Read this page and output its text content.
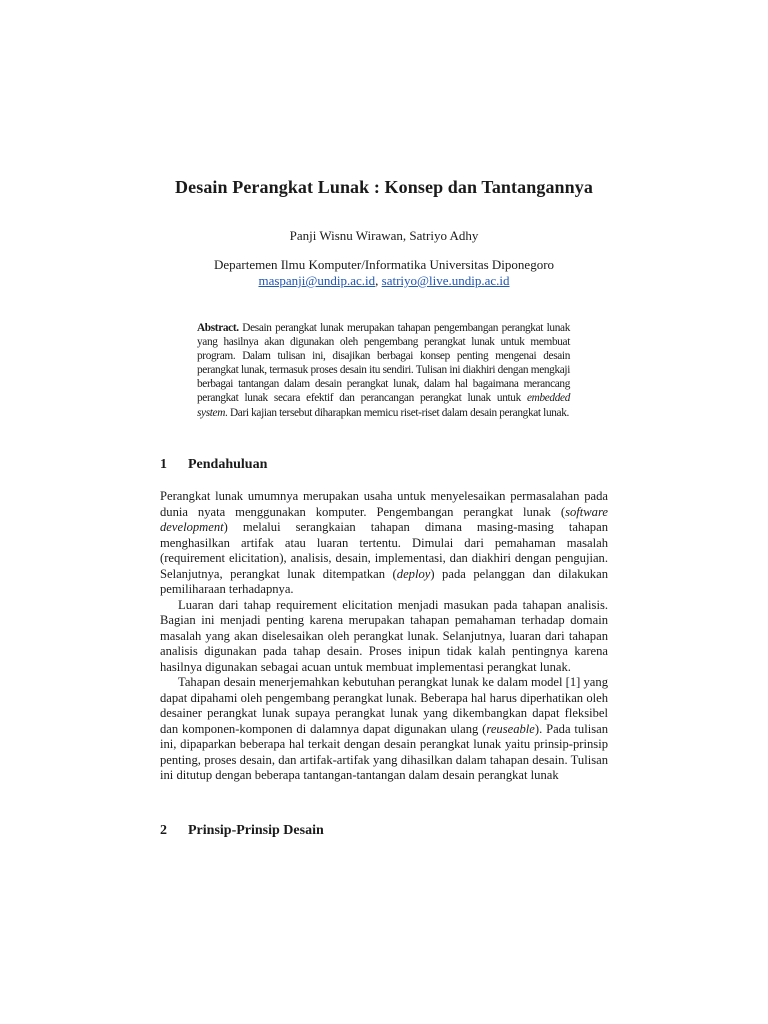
Desain Perangkat Lunak : Konsep dan Tantangannya
Panji Wisnu Wirawan, Satriyo Adhy
Departemen Ilmu Komputer/Informatika Universitas Diponegoro
maspanji@undip.ac.id, satriyo@live.undip.ac.id

Abstract. Desain perangkat lunak merupakan tahapan pengembangan perangkat lunak yang hasilnya akan digunakan oleh pengembang perangkat lunak untuk membuat program. Dalam tulisan ini, disajikan berbagai konsep penting mengenai desain perangkat lunak, termasuk proses desain itu sendiri. Tulisan ini diakhiri dengan mengkaji berbagai tantangan dalam desain perangkat lunak, dalam hal bagaimana merancang perangkat lunak secara efektif dan perancangan perangkat lunak untuk embedded system. Dari kajian tersebut diharapkan memicu riset-riset dalam desain perangkat lunak.

1 Pendahuluan

Perangkat lunak umumnya merupakan usaha untuk menyelesaikan permasalahan pada dunia nyata menggunakan komputer. Pengembangan perangkat lunak (software development) melalui serangkaian tahapan dimana masing-masing tahapan menghasilkan artifak atau luaran tertentu. Dimulai dari pemahaman masalah (requirement elicitation), analisis, desain, implementasi, dan diakhiri dengan pengujian. Selanjutnya, perangkat lunak ditempatkan (deploy) pada pelanggan dan dilakukan pemiliharaan terhadapnya.

Luaran dari tahap requirement elicitation menjadi masukan pada tahapan analisis. Bagian ini menjadi penting karena merupakan tahapan pemahaman terhadap domain masalah yang akan diselesaikan oleh perangkat lunak. Selanjutnya, luaran dari tahapan analisis digunakan pada tahap desain. Proses inipun tidak kalah pentingnya karena hasilnya digunakan sebagai acuan untuk membuat implementasi perangkat lunak.

Tahapan desain menerjemahkan kebutuhan perangkat lunak ke dalam model [1] yang dapat dipahami oleh pengembang perangkat lunak. Beberapa hal harus diperhatikan oleh desainer perangkat lunak supaya perangkat lunak yang dikembangkan dapat fleksibel dan komponen-komponen di dalamnya dapat digunakan ulang (reuseable). Pada tulisan ini, dipaparkan beberapa hal terkait dengan desain perangkat lunak yaitu prinsip-prinsip penting, proses desain, dan artifak-artifak yang dihasilkan dalam tahapan desain. Tulisan ini ditutup dengan beberapa tantangan-tantangan dalam desain perangkat lunak

2 Prinsip-Prinsip Desain
